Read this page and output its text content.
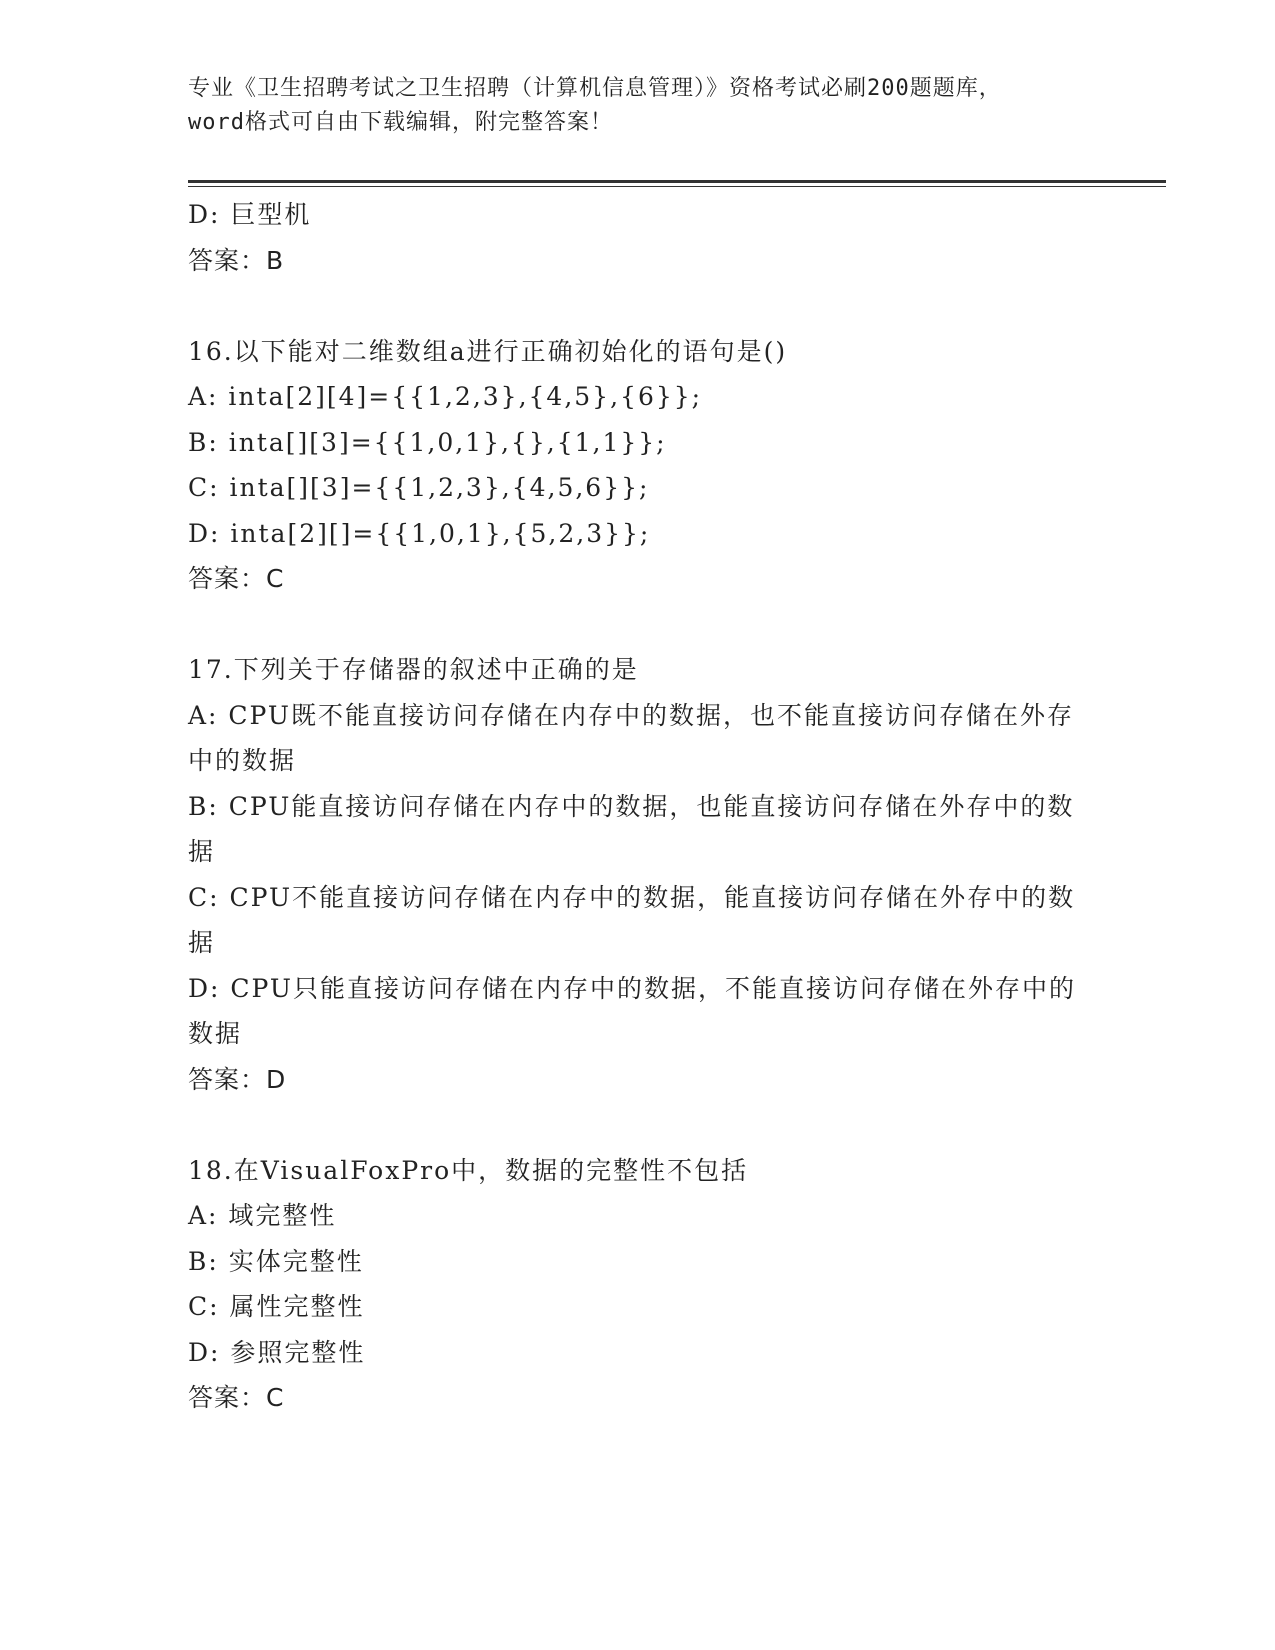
专业《卫生招聘考试之卫生招聘（计算机信息管理）》资格考试必刷200题题库，
word格式可自由下载编辑，附完整答案！
D: 巨型机
答案：B
16.以下能对二维数组a进行正确初始化的语句是()
A: inta[2][4]={{1,2,3},{4,5},{6}};
B: inta[][3]={{1,0,1},{},{1,1}};
C: inta[][3]={{1,2,3},{4,5,6}};
D: inta[2][]={{1,0,1},{5,2,3}};
答案：C
17.下列关于存储器的叙述中正确的是
A: CPU既不能直接访问存储在内存中的数据，也不能直接访问存储在外存中的数据
B: CPU能直接访问存储在内存中的数据，也能直接访问存储在外存中的数据
C: CPU不能直接访问存储在内存中的数据，能直接访问存储在外存中的数据
D: CPU只能直接访问存储在内存中的数据，不能直接访问存储在外存中的数据
答案：D
18.在VisualFoxPro中，数据的完整性不包括
A: 域完整性
B: 实体完整性
C: 属性完整性
D: 参照完整性
答案：C
